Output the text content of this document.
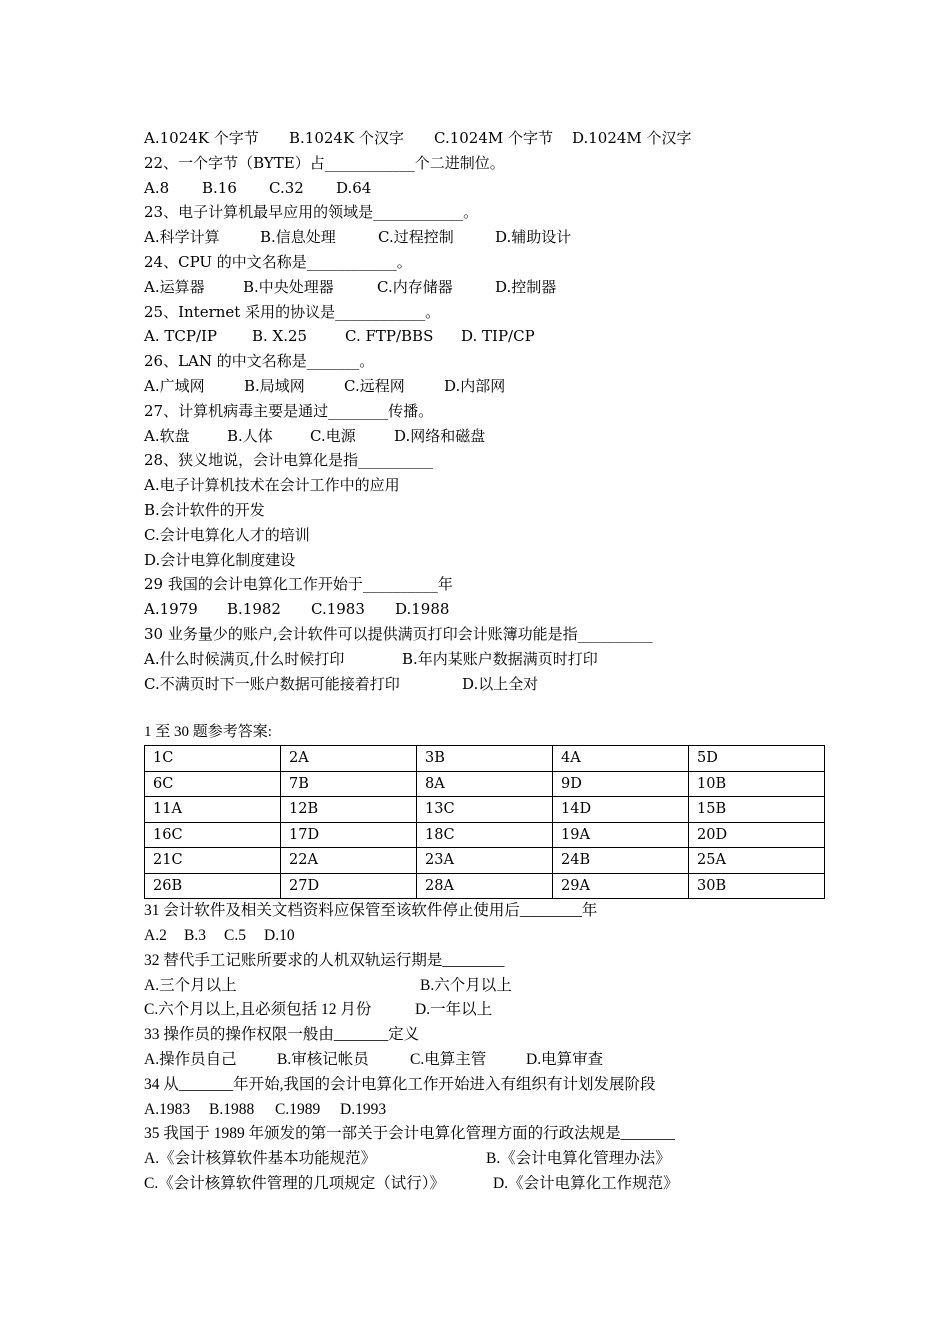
A.1024K 个字节 B.1024K 个汉字 C.1024M 个字节 D.1024M 个汉字
22、一个字节（BYTE）占____________个二进制位。
A.8 B.16 C.32 D.64
23、电子计算机最早应用的领域是____________。
A.科学计算	B.信息处理	C.过程控制	D.辅助设计
24、CPU 的中文名称是____________。
A.运算器	B.中央处理器	C.内存储器	D.控制器
25、Internet 采用的协议是____________。
A. TCP/IP B. X.25	C. FTP/BBS D. TIP/CP
26、LAN 的中文名称是_______。
A.广域网	B.局域网	C.远程网	D.内部网
27、计算机病毒主要是通过________传播。
A.软盘 B.人体 C.电源	D.网络和磁盘
28、狭义地说，会计电算化是指__________
A.电子计算机技术在会计工作中的应用
B.会计软件的开发
C.会计电算化人才的培训
D.会计电算化制度建设
29 我国的会计电算化工作开始于__________年
A.1979 B.1982 C.1983 D.1988
30 业务量少的账户,会计软件可以提供满页打印会计账簿功能是指__________
A.什么时候满页,什么时候打印	B.年内某账户数据满页时打印
C.不满页时下一账户数据可能接着打印	D.以上全对
1 至 30 题参考答案:
1C	2A	3B	4A	5D
6C	7B	8A	9D	10B
11A	12B	13C	14D	15B
16C	17D	18C	19A	20D
21C	22A	23A	24B	25A
26B	27D	28A	29A	30B
31 会计软件及相关文档资料应保管至该软件停止使用后________年
A.2 B.3 C.5 D.10
32 替代手工记账所要求的人机双轨运行期是________
A.三个月以上	B.六个月以上
C.六个月以上,且必须包括 12 月份	D.一年以上
33 操作员的操作权限一般由_______定义
A.操作员自己	B.审核记帐员	C.电算主管	D.电算审查
34 从_______年开始,我国的会计电算化工作开始进入有组织有计划发展阶段
A.1983 B.1988 C.1989 D.1993
35 我国于 1989 年颁发的第一部关于会计电算化管理方面的行政法规是_______
A.《会计核算软件基本功能规范》	B.《会计电算化管理办法》
C.《会计核算软件管理的几项规定（试行）》	D.《会计电算化工作规范》
